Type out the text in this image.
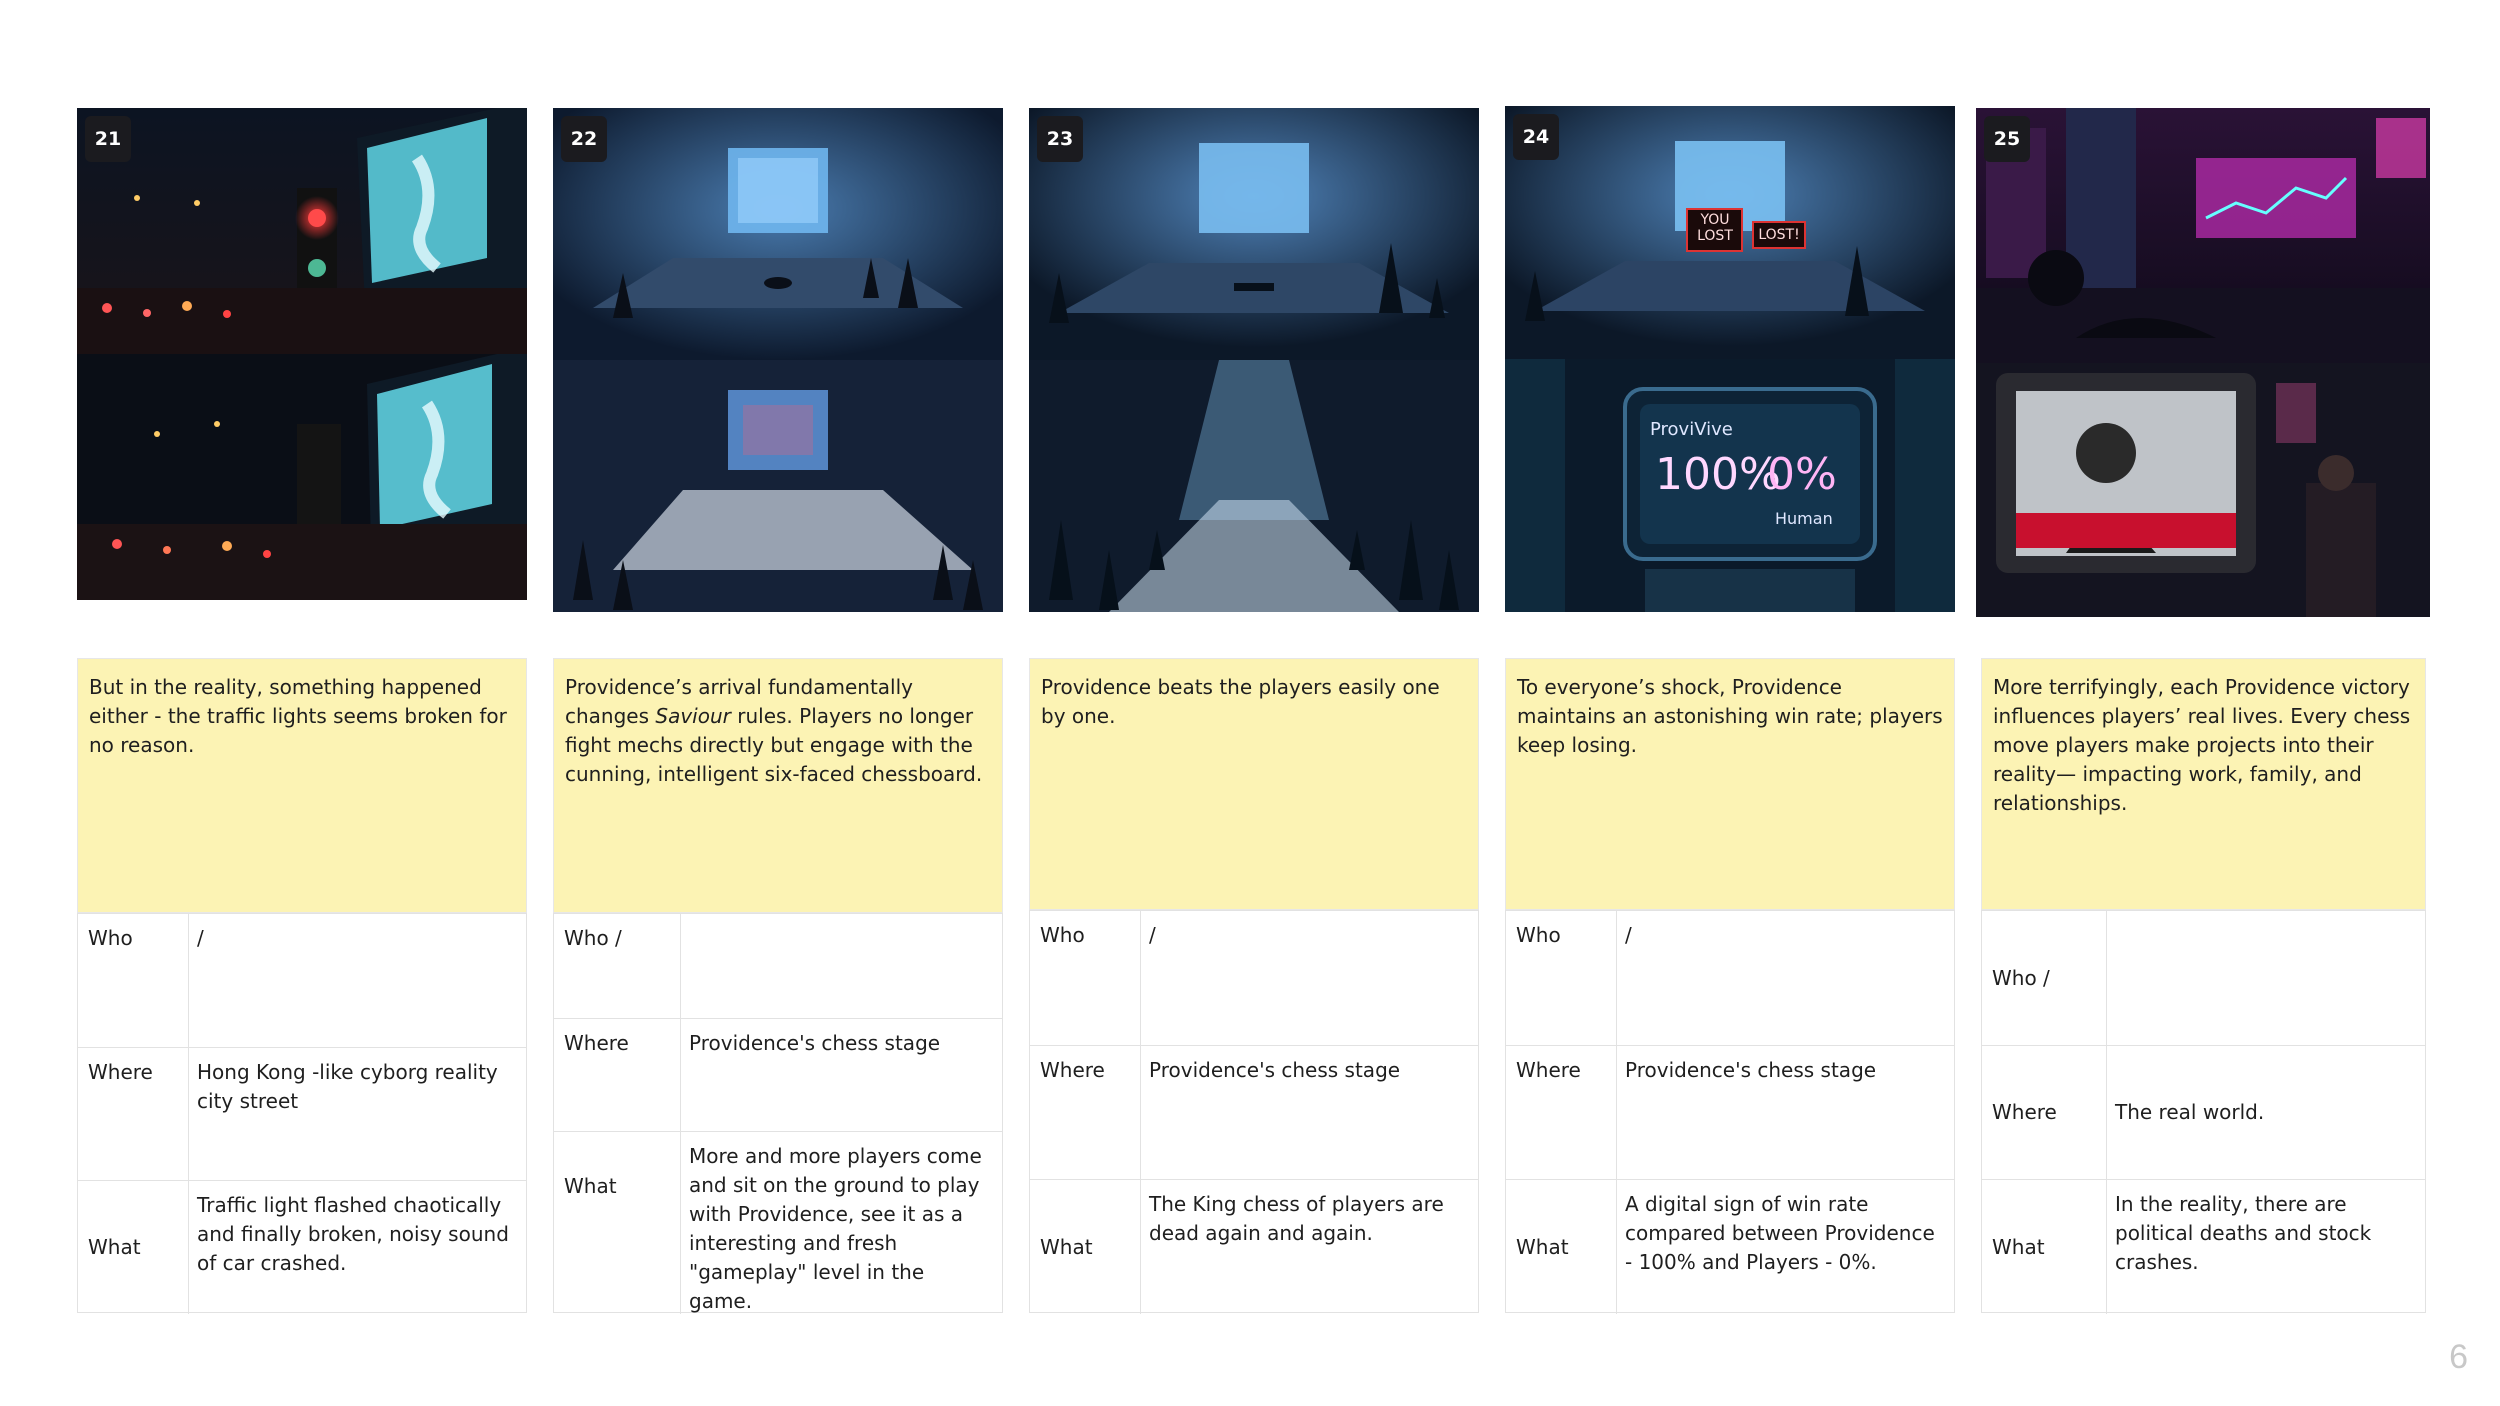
21
But in the reality, something happened either - the traffic lights seems broken for no reason.
Who	/
Where	Hong Kong -like cyborg reality city street
What
Traffic light flashed chaotically and finally broken, noisy sound of car crashed.
22
Providence’s arrival fundamentally changes Saviour rules. Players no longer fight mechs directly but engage with the cunning, intelligent six-faced chessboard.
Who /
Where	Providence's chess stage
What
More and more players come and sit on the ground to play with Providence, see it as a interesting and fresh "gameplay" level in the game.
23
Providence beats the players easily one by one.
Who	/
Where	Providence's chess stage
What
The King chess of players are dead again and again.
24
YOU
LOST	LOST!
ProviVive
100%
0%
Human
To everyone’s shock, Providence maintains an astonishing win rate; players keep losing.
Who	/
Where	Providence's chess stage
What
A digital sign of win rate compared between Providence - 100% and Players - 0%.
25
More terrifyingly, each Providence victory influences players’ real lives. Every chess move players make projects into their reality— impacting work, family, and relationships.
Who /
Where	The real world.
What
In the reality, there are political deaths and stock crashes.
6
